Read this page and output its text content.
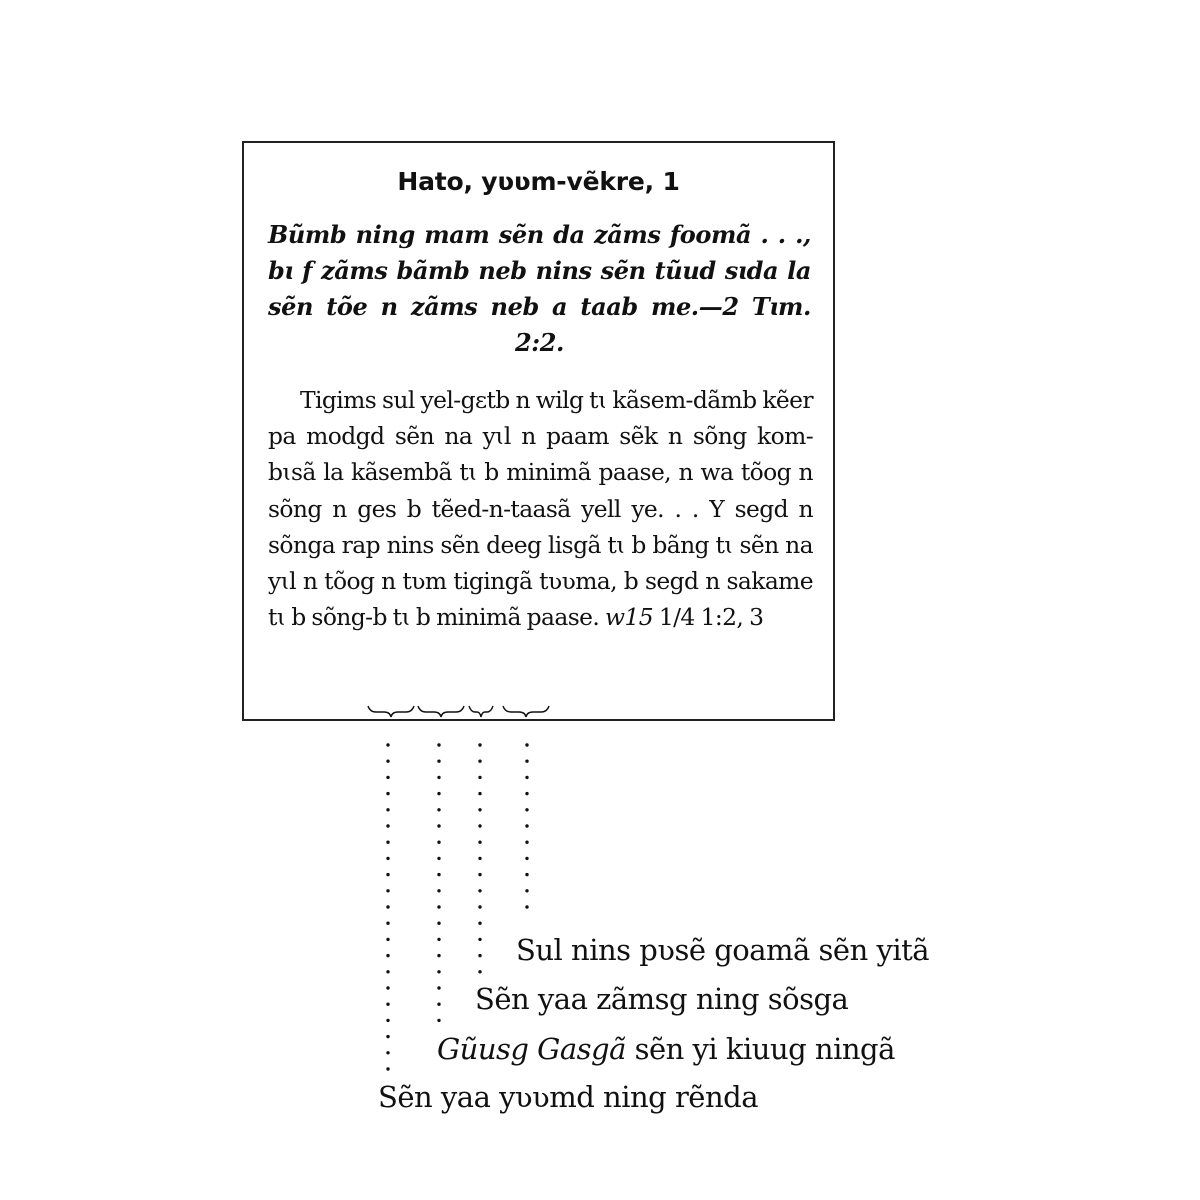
Hato, yʋʋm-vẽkre, 1
Bũmb ning mam sẽn da zãms foomã . . ., bɩ f zãms bãmb neb nins sẽn tũud sɩda la sẽn tõe n zãms neb a taab me.—2 Tɩm. 2:2.
Tigims sul yel-gɛtb n wilg tɩ kãsem-dãmb kẽer pa modgd sẽn na yɩl n paam sẽk n sõng kom-bɩsã la kãsembã tɩ b minimã paase, n wa tõog n sõng n ges b tẽed-n-taasã yell ye. . . Y segd n sõnga rap nins sẽn deeg lisgã tɩ b bãng tɩ sẽn na yɩl n tõog n tʋm tigingã tʋʋma, b segd n sakame tɩ b sõng-b tɩ b minimã paase. w15 1/4 1:2, 3
Sul nins pʋsẽ goamã sẽn yitã
Sẽn yaa zãmsg ning sõsga
Gũusg Gasgã sẽn yi kiuug ningã
Sẽn yaa yʋʋmd ning rẽnda
